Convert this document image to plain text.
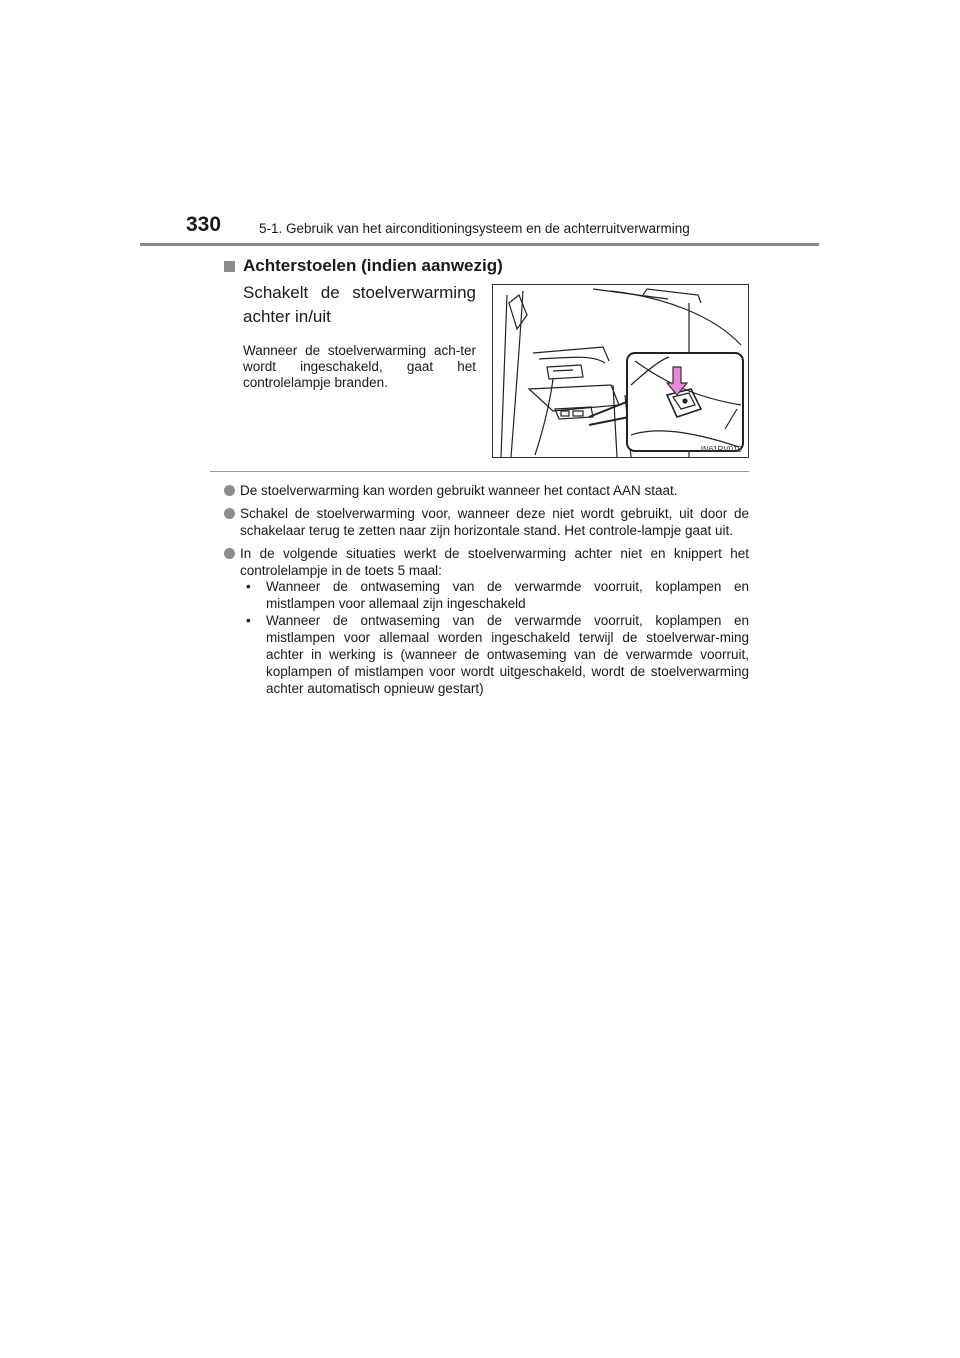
330	5-1. Gebruik van het airconditioningsysteem en de achterruitverwarming
Achterstoelen (indien aanwezig)
Schakelt de stoelverwarming achter in/uit
Wanneer de stoelverwarming ach-ter wordt ingeschakeld, gaat het controlelampje branden.
IN61RV019
De stoelverwarming kan worden gebruikt wanneer het contact AAN staat.
Schakel de stoelverwarming voor, wanneer deze niet wordt gebruikt, uit door de schakelaar terug te zetten naar zijn horizontale stand. Het controle-lampje gaat uit.
In de volgende situaties werkt de stoelverwarming achter niet en knippert het controlelampje in de toets 5 maal:
• Wanneer de ontwaseming van de verwarmde voorruit, koplampen en mistlampen voor allemaal zijn ingeschakeld
• Wanneer de ontwaseming van de verwarmde voorruit, koplampen en mistlampen voor allemaal worden ingeschakeld terwijl de stoelverwar-ming achter in werking is (wanneer de ontwaseming van de verwarmde voorruit, koplampen of mistlampen voor wordt uitgeschakeld, wordt de stoelverwarming achter automatisch opnieuw gestart)
